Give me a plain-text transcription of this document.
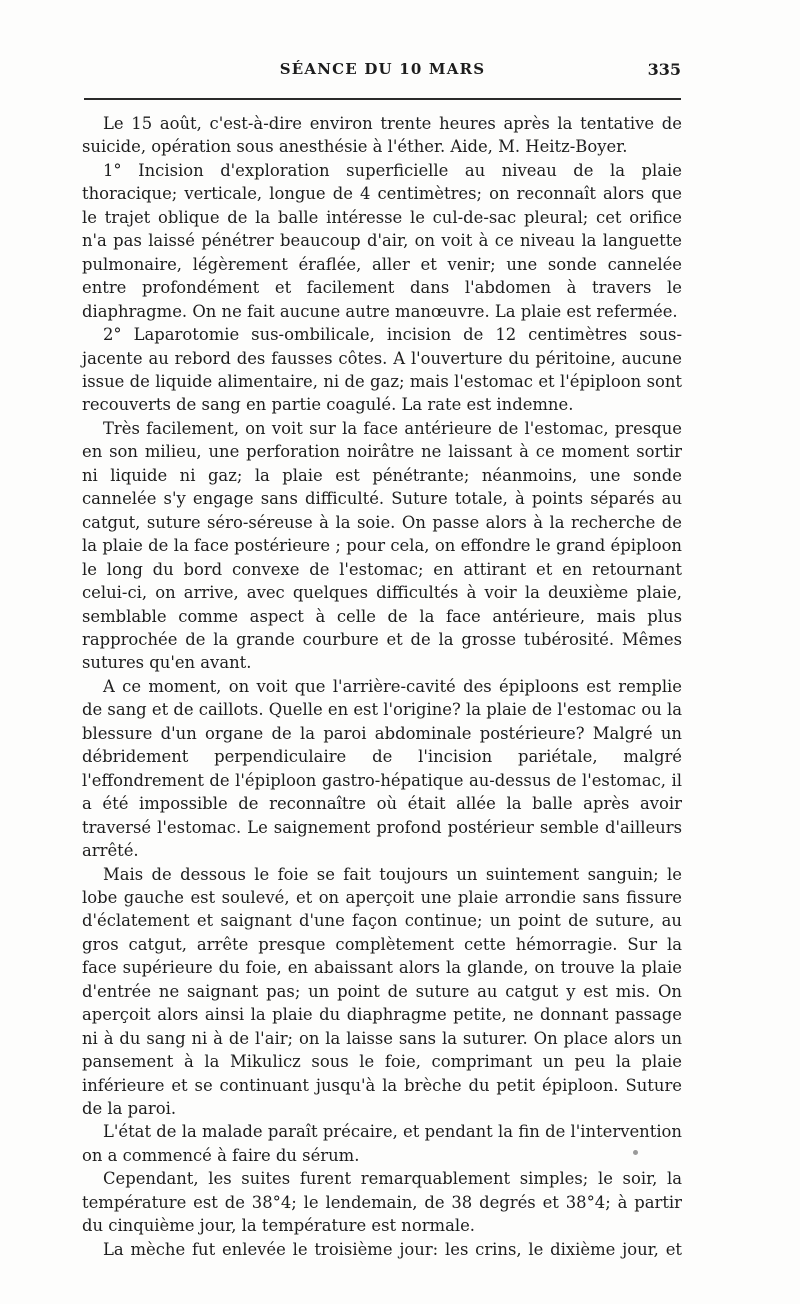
SÉANCE DU 10 MARS	335

Le 15 août, c'est-à-dire environ trente heures après la tentative de suicide, opération sous anesthésie à l'éther. Aide, M. Heitz-Boyer.

1° Incision d'exploration superficielle au niveau de la plaie thoracique; verticale, longue de 4 centimètres; on reconnaît alors que le trajet oblique de la balle intéresse le cul-de-sac pleural; cet orifice n'a pas laissé pénétrer beaucoup d'air, on voit à ce niveau la languette pulmonaire, légèrement éraflée, aller et venir; une sonde cannelée entre profondément et facilement dans l'abdomen à travers le diaphragme. On ne fait aucune autre manœuvre. La plaie est refermée.

2° Laparotomie sus-ombilicale, incision de 12 centimètres sous-jacente au rebord des fausses côtes. A l'ouverture du péritoine, aucune issue de liquide alimentaire, ni de gaz; mais l'estomac et l'épiploon sont recouverts de sang en partie coagulé. La rate est indemne.

Très facilement, on voit sur la face antérieure de l'estomac, presque en son milieu, une perforation noirâtre ne laissant à ce moment sortir ni liquide ni gaz; la plaie est pénétrante; néanmoins, une sonde cannelée s'y engage sans difficulté. Suture totale, à points séparés au catgut, suture séro-séreuse à la soie. On passe alors à la recherche de la plaie de la face postérieure ; pour cela, on effondre le grand épiploon le long du bord convexe de l'estomac; en attirant et en retournant celui-ci, on arrive, avec quelques difficultés à voir la deuxième plaie, semblable comme aspect à celle de la face antérieure, mais plus rapprochée de la grande courbure et de la grosse tubérosité. Mêmes sutures qu'en avant.

A ce moment, on voit que l'arrière-cavité des épiploons est remplie de sang et de caillots. Quelle en est l'origine? la plaie de l'estomac ou la blessure d'un organe de la paroi abdominale postérieure? Malgré un débridement perpendiculaire de l'incision pariétale, malgré l'effondrement de l'épiploon gastro-hépatique au-dessus de l'estomac, il a été impossible de reconnaître où était allée la balle après avoir traversé l'estomac. Le saignement profond postérieur semble d'ailleurs arrêté.

Mais de dessous le foie se fait toujours un suintement sanguin; le lobe gauche est soulevé, et on aperçoit une plaie arrondie sans fissure d'éclatement et saignant d'une façon continue; un point de suture, au gros catgut, arrête presque complètement cette hémorragie. Sur la face supérieure du foie, en abaissant alors la glande, on trouve la plaie d'entrée ne saignant pas; un point de suture au catgut y est mis. On aperçoit alors ainsi la plaie du diaphragme petite, ne donnant passage ni à du sang ni à de l'air; on la laisse sans la suturer. On place alors un pansement à la Mikulicz sous le foie, comprimant un peu la plaie inférieure et se continuant jusqu'à la brèche du petit épiploon. Suture de la paroi.

L'état de la malade paraît précaire, et pendant la fin de l'intervention on a commencé à faire du sérum.

Cependant, les suites furent remarquablement simples; le soir, la température est de 38°4; le lendemain, de 38 degrés et 38°4; à partir du cinquième jour, la température est normale.

La mèche fut enlevée le troisième jour: les crins, le dixième jour, et
